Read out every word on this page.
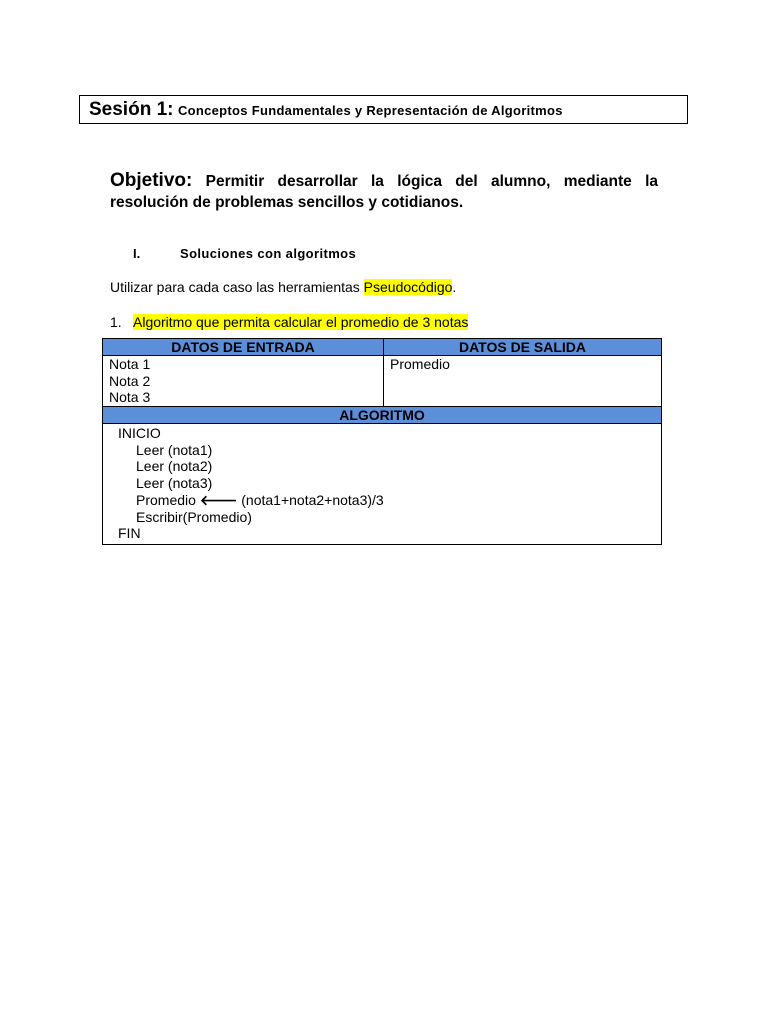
Sesión 1: Conceptos Fundamentales y Representación de Algoritmos
Objetivo: Permitir desarrollar la lógica del alumno, mediante la resolución de problemas sencillos y cotidianos.
I.	Soluciones con algoritmos
Utilizar para cada caso las herramientas Pseudocódigo.
1. Algoritmo que permita calcular el promedio de 3 notas
DATOS DE ENTRADA	DATOS DE SALIDA

Nota 1
Nota 2
Nota 3	Promedio
ALGORITMO

INICIO
Leer (nota1)
Leer (nota2)
Leer (nota3)
Promedio 🡐 (nota1+nota2+nota3)/3
Escribir(Promedio)
FIN
